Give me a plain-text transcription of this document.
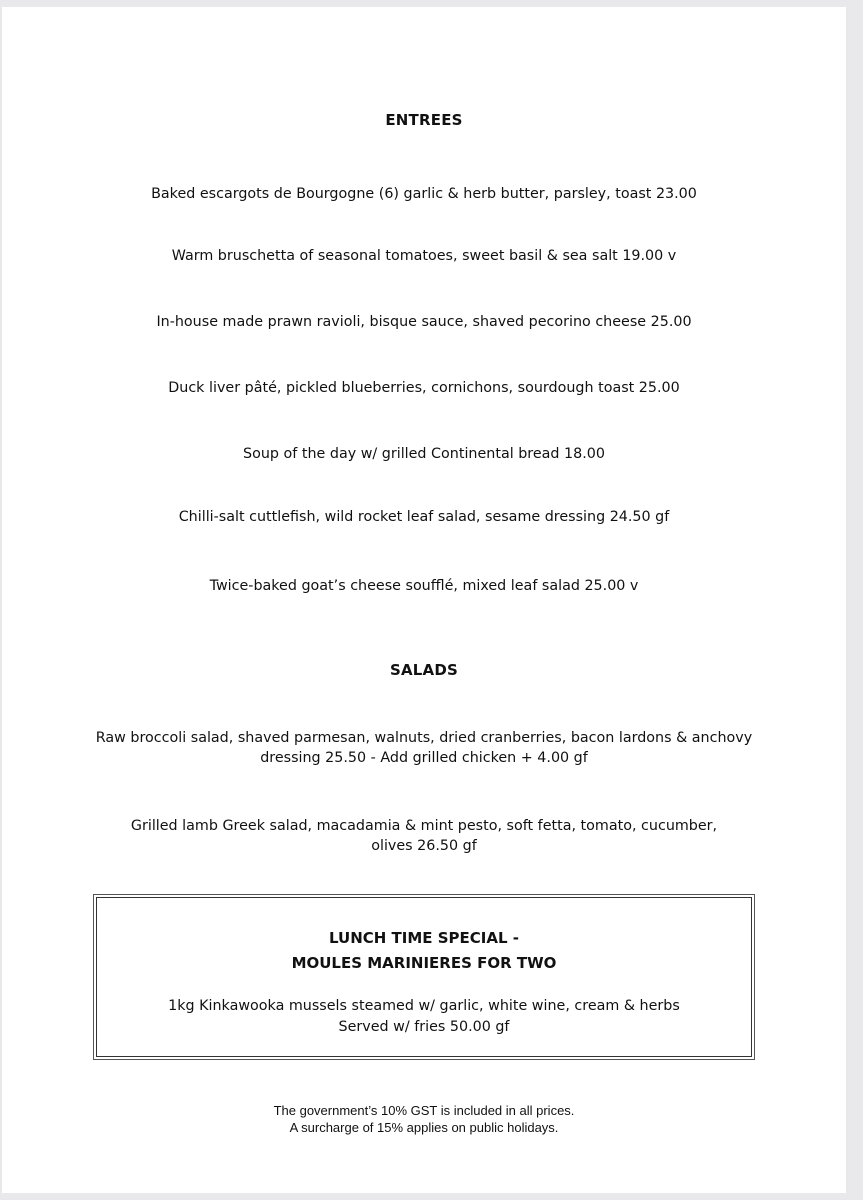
ENTREES
Baked escargots de Bourgogne (6) garlic & herb butter, parsley, toast 23.00
Warm bruschetta of seasonal tomatoes, sweet basil & sea salt 19.00 v
In-house made prawn ravioli, bisque sauce, shaved pecorino cheese 25.00
Duck liver pâté, pickled blueberries, cornichons, sourdough toast 25.00
Soup of the day w/ grilled Continental bread 18.00
Chilli-salt cuttlefish, wild rocket leaf salad, sesame dressing 24.50 gf
Twice-baked goat’s cheese soufflé, mixed leaf salad 25.00 v
SALADS
Raw broccoli salad, shaved parmesan, walnuts, dried cranberries, bacon lardons & anchovy
dressing 25.50 - Add grilled chicken + 4.00 gf
Grilled lamb Greek salad, macadamia & mint pesto, soft fetta, tomato, cucumber,
olives 26.50 gf
LUNCH TIME SPECIAL -
MOULES MARINIERES FOR TWO
1kg Kinkawooka mussels steamed w/ garlic, white wine, cream & herbs
Served w/ fries 50.00 gf
The government’s 10% GST is included in all prices.
A surcharge of 15% applies on public holidays.
